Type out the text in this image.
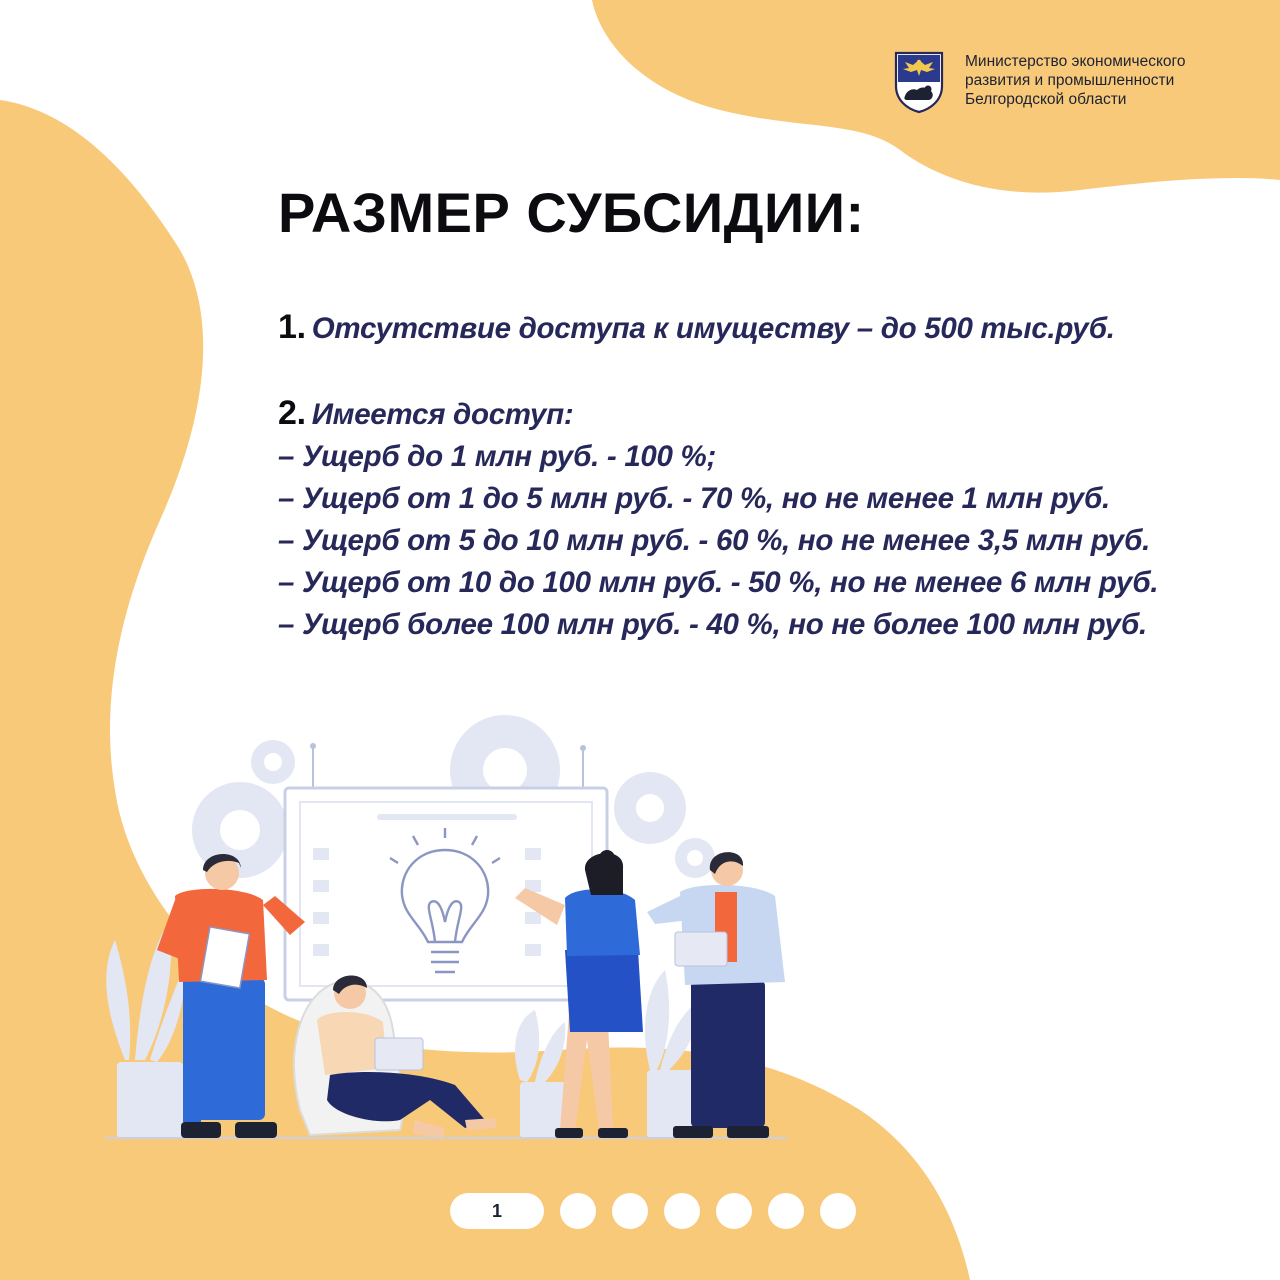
Министерство экономического
развития и промышленности
Белгородской области
РАЗМЕР СУБСИДИИ:
1. Отсутствие доступа к имуществу – до 500 тыс.руб.
2. Имеется доступ:
– Ущерб до 1 млн руб. - 100 %;
– Ущерб от 1 до 5 млн руб. - 70 %, но не менее 1 млн руб.
– Ущерб от 5 до 10 млн руб. - 60 %, но не менее 3,5 млн руб.
– Ущерб от 10 до 100 млн руб. - 50 %, но не менее 6 млн руб.
– Ущерб более 100 млн руб. - 40 %, но не более 100 млн руб.
1
